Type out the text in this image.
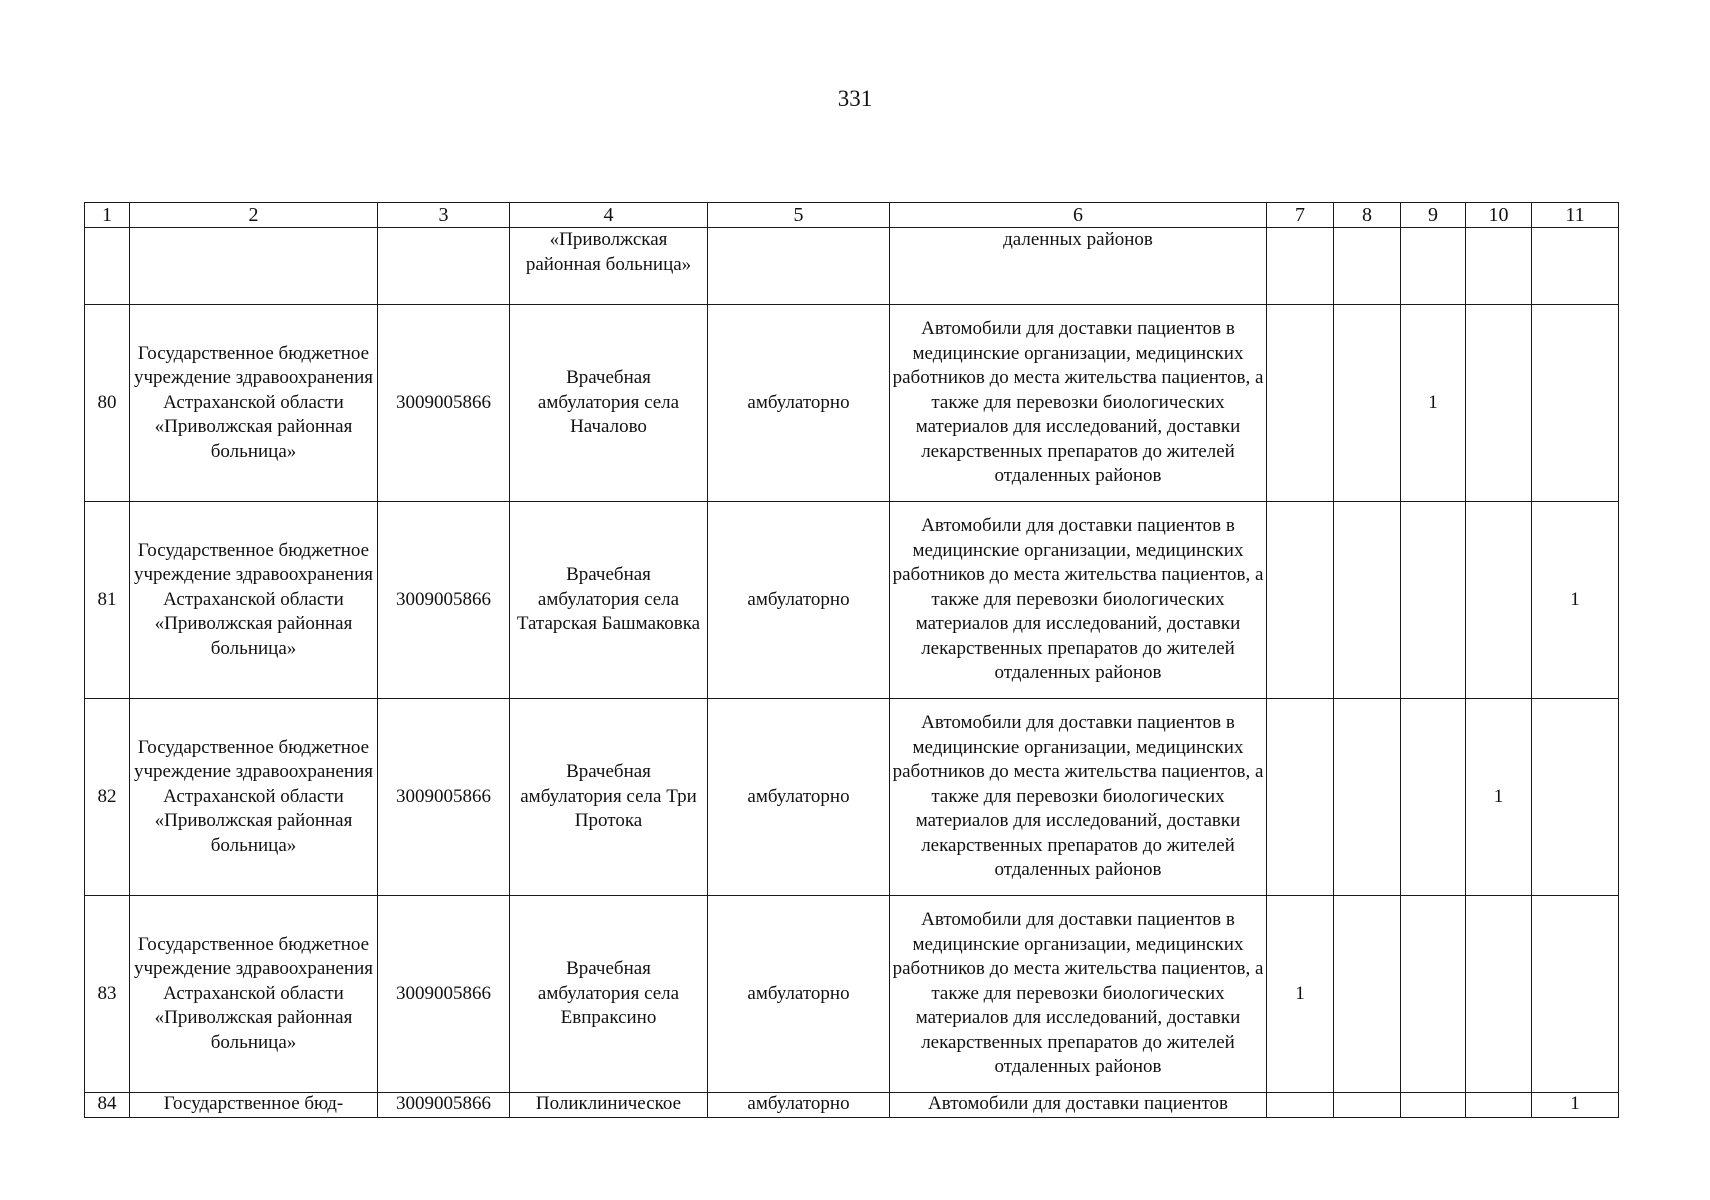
331
1	2	3	4	5	6	7	8	9	10	11
			«Приволжская районная больница»		даленных районов					
80	Государственное бюджетное учреждение здравоохранения Астраханской области «Приволжская районная больница»	3009005866	Врачебная амбулатория села Началово	амбулаторно	Автомобили для доставки пациентов в медицинские организации, медицинских работников до места жительства пациентов, а также для перевозки биологических материалов для исследований, доставки лекарственных препаратов до жителей отдаленных районов			1		
81	Государственное бюджетное учреждение здравоохранения Астраханской области «Приволжская районная больница»	3009005866	Врачебная амбулатория села Татарская Башмаковка	амбулаторно	Автомобили для доставки пациентов в медицинские организации, медицинских работников до места жительства пациентов, а также для перевозки биологических материалов для исследований, доставки лекарственных препаратов до жителей отдаленных районов					1
82	Государственное бюджетное учреждение здравоохранения Астраханской области «Приволжская районная больница»	3009005866	Врачебная амбулатория села Три Протока	амбулаторно	Автомобили для доставки пациентов в медицинские организации, медицинских работников до места жительства пациентов, а также для перевозки биологических материалов для исследований, доставки лекарственных препаратов до жителей отдаленных районов				1	
83	Государственное бюджетное учреждение здравоохранения Астраханской области «Приволжская районная больница»	3009005866	Врачебная амбулатория села Евпраксино	амбулаторно	Автомобили для доставки пациентов в медицинские организации, медицинских работников до места жительства пациентов, а также для перевозки биологических материалов для исследований, доставки лекарственных препаратов до жителей отдаленных районов	1				
84	Государственное бюд-	3009005866	Поликлиническое	амбулаторно	Автомобили для доставки пациентов					1
